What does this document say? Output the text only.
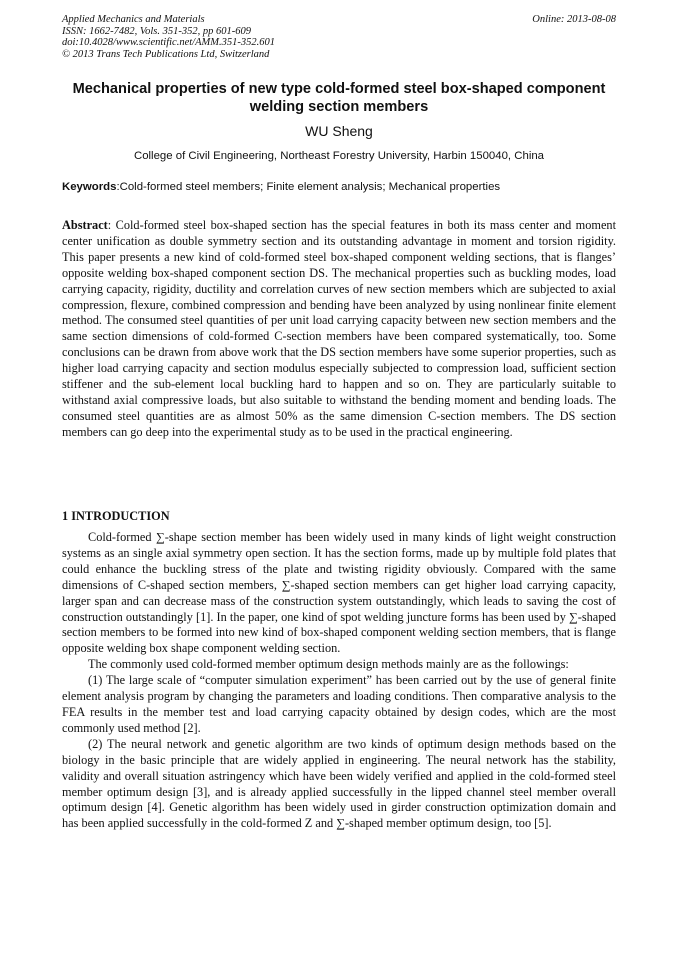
Applied Mechanics and Materials
ISSN: 1662-7482, Vols. 351-352, pp 601-609
doi:10.4028/www.scientific.net/AMM.351-352.601
© 2013 Trans Tech Publications Ltd, Switzerland
Online: 2013-08-08
Mechanical properties of new type cold-formed steel box-shaped component welding section members
WU Sheng
College of Civil Engineering, Northeast Forestry University, Harbin 150040, China
Keywords:Cold-formed steel members; Finite element analysis; Mechanical properties
Abstract: Cold-formed steel box-shaped section has the special features in both its mass center and moment center unification as double symmetry section and its outstanding advantage in moment and torsion rigidity. This paper presents a new kind of cold-formed steel box-shaped component welding sections, that is flanges’ opposite welding box-shaped component section DS. The mechanical properties such as buckling modes, load carrying capacity, rigidity, ductility and correlation curves of new section members which are subjected to axial compression, flexure, combined compression and bending have been analyzed by using nonlinear finite element method. The consumed steel quantities of per unit load carrying capacity between new section members and the same section dimensions of cold-formed C-section members have been compared systematically, too. Some conclusions can be drawn from above work that the DS section members have some superior properties, such as higher load carrying capacity and section modulus especially subjected to compression load, sufficient section stiffener and the sub-element local buckling hard to happen and so on. They are particularly suitable to withstand axial compressive loads, but also suitable to withstand the bending moment and bending loads. The consumed steel quantities are as almost 50% as the same dimension C-section members. The DS section members can go deep into the experimental study as to be used in the practical engineering.
1 INTRODUCTION

Cold-formed ∑-shape section member has been widely used in many kinds of light weight construction systems as an single axial symmetry open section. It has the section forms, made up by multiple fold plates that could enhance the buckling stress of the plate and twisting rigidity obviously. Compared with the same dimensions of C-shaped section members, ∑-shaped section members can get higher load carrying capacity, larger span and can decrease mass of the construction system outstandingly, which leads to saving the cost of construction outstandingly [1]. In the paper, one kind of spot welding juncture forms has been used by ∑-shaped section members to be formed into new kind of box-shaped component welding section members, that is flange opposite welding box shape component welding section.

The commonly used cold-formed member optimum design methods mainly are as the followings:

(1) The large scale of “computer simulation experiment” has been carried out by the use of general finite element analysis program by changing the parameters and loading conditions. Then comparative analysis to the FEA results in the member test and load carrying capacity obtained by design codes, which are the most commonly used method [2].

(2) The neural network and genetic algorithm are two kinds of optimum design methods based on the biology in the basic principle that are widely applied in engineering. The neural network has the stability, validity and overall situation astringency which have been widely verified and applied in the cold-formed steel member optimum design [3], and is already applied successfully in the lipped channel steel member overall optimum design [4]. Genetic algorithm has been widely used in girder construction optimization domain and has been applied successfully in the cold-formed Z and ∑-shaped member optimum design, too [5].
